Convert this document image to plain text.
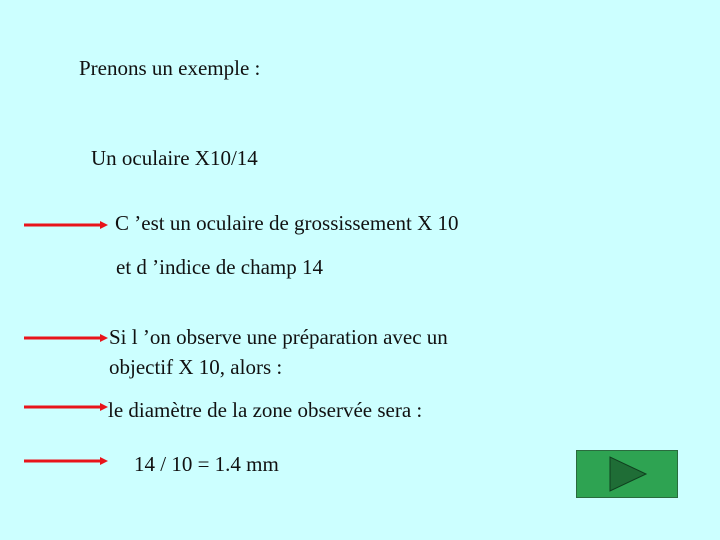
Prenons un exemple :
Un oculaire X10/14
C ’est un oculaire de grossissement X 10
et d ’indice de champ 14
Si l ’on observe une préparation avec un
objectif X 10, alors :
le diamètre de la zone observée sera :
14 / 10 = 1.4 mm
